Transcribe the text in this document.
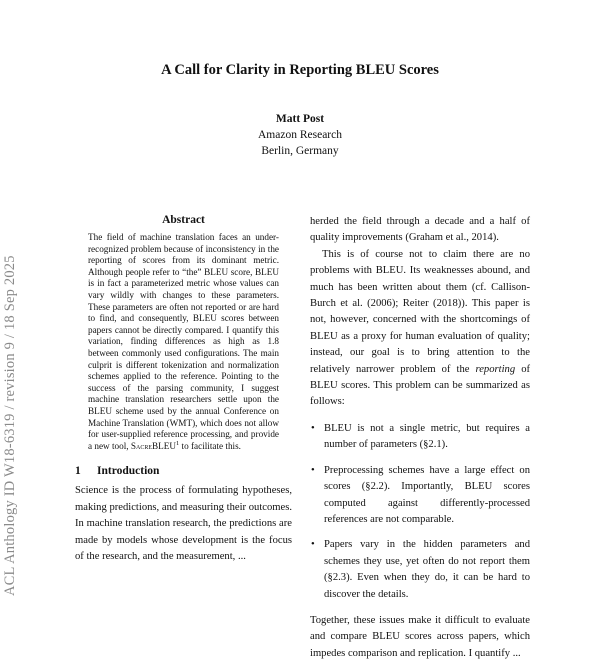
ACL Anthology ID W18-6319 / revision 9 / 18 Sep 2025
A Call for Clarity in Reporting BLEU Scores
Matt Post
Amazon Research
Berlin, Germany
Abstract
The field of machine translation faces an under-recognized problem because of inconsistency in the reporting of scores from its dominant metric. Although people refer to “the” BLEU score, BLEU is in fact a parameterized metric whose values can vary wildly with changes to these parameters. These parameters are often not reported or are hard to find, and consequently, BLEU scores between papers cannot be directly compared. I quantify this variation, finding differences as high as 1.8 between commonly used configurations. The main culprit is different tokenization and normalization schemes applied to the reference. Pointing to the success of the parsing community, I suggest machine translation researchers settle upon the BLEU scheme used by the annual Conference on Machine Translation (WMT), which does not allow for user-supplied reference processing, and provide a new tool, SacreBLEU$^1$ to facilitate this.
1 Introduction

Science is the process of formulating hypotheses, making predictions, and measuring their outcomes. In machine translation research, the predictions are made by models whose development is the focus of the research, and the measurement, ...

herded the field through a decade and a half of quality improvements (Graham et al., 2014).

This is of course not to claim there are no problems with BLEU. Its weaknesses abound, and much has been written about them (cf. Callison-Burch et al. (2006); Reiter (2018)). This paper is not, however, concerned with the shortcomings of BLEU as a proxy for human evaluation of quality; instead, our goal is to bring attention to the relatively narrower problem of the reporting of BLEU scores. This problem can be summarized as follows:

• BLEU is not a single metric, but requires a number of parameters (§2.1).
• Preprocessing schemes have a large effect on scores (§2.2). Importantly, BLEU scores computed against differently-processed references are not comparable.
• Papers vary in the hidden parameters and schemes they use, yet often do not report them (§2.3). Even when they do, it can be hard to discover the details.

Together, these issues make it difficult to evaluate and compare BLEU scores across papers, which impedes comparison and replication. I quantify ...
